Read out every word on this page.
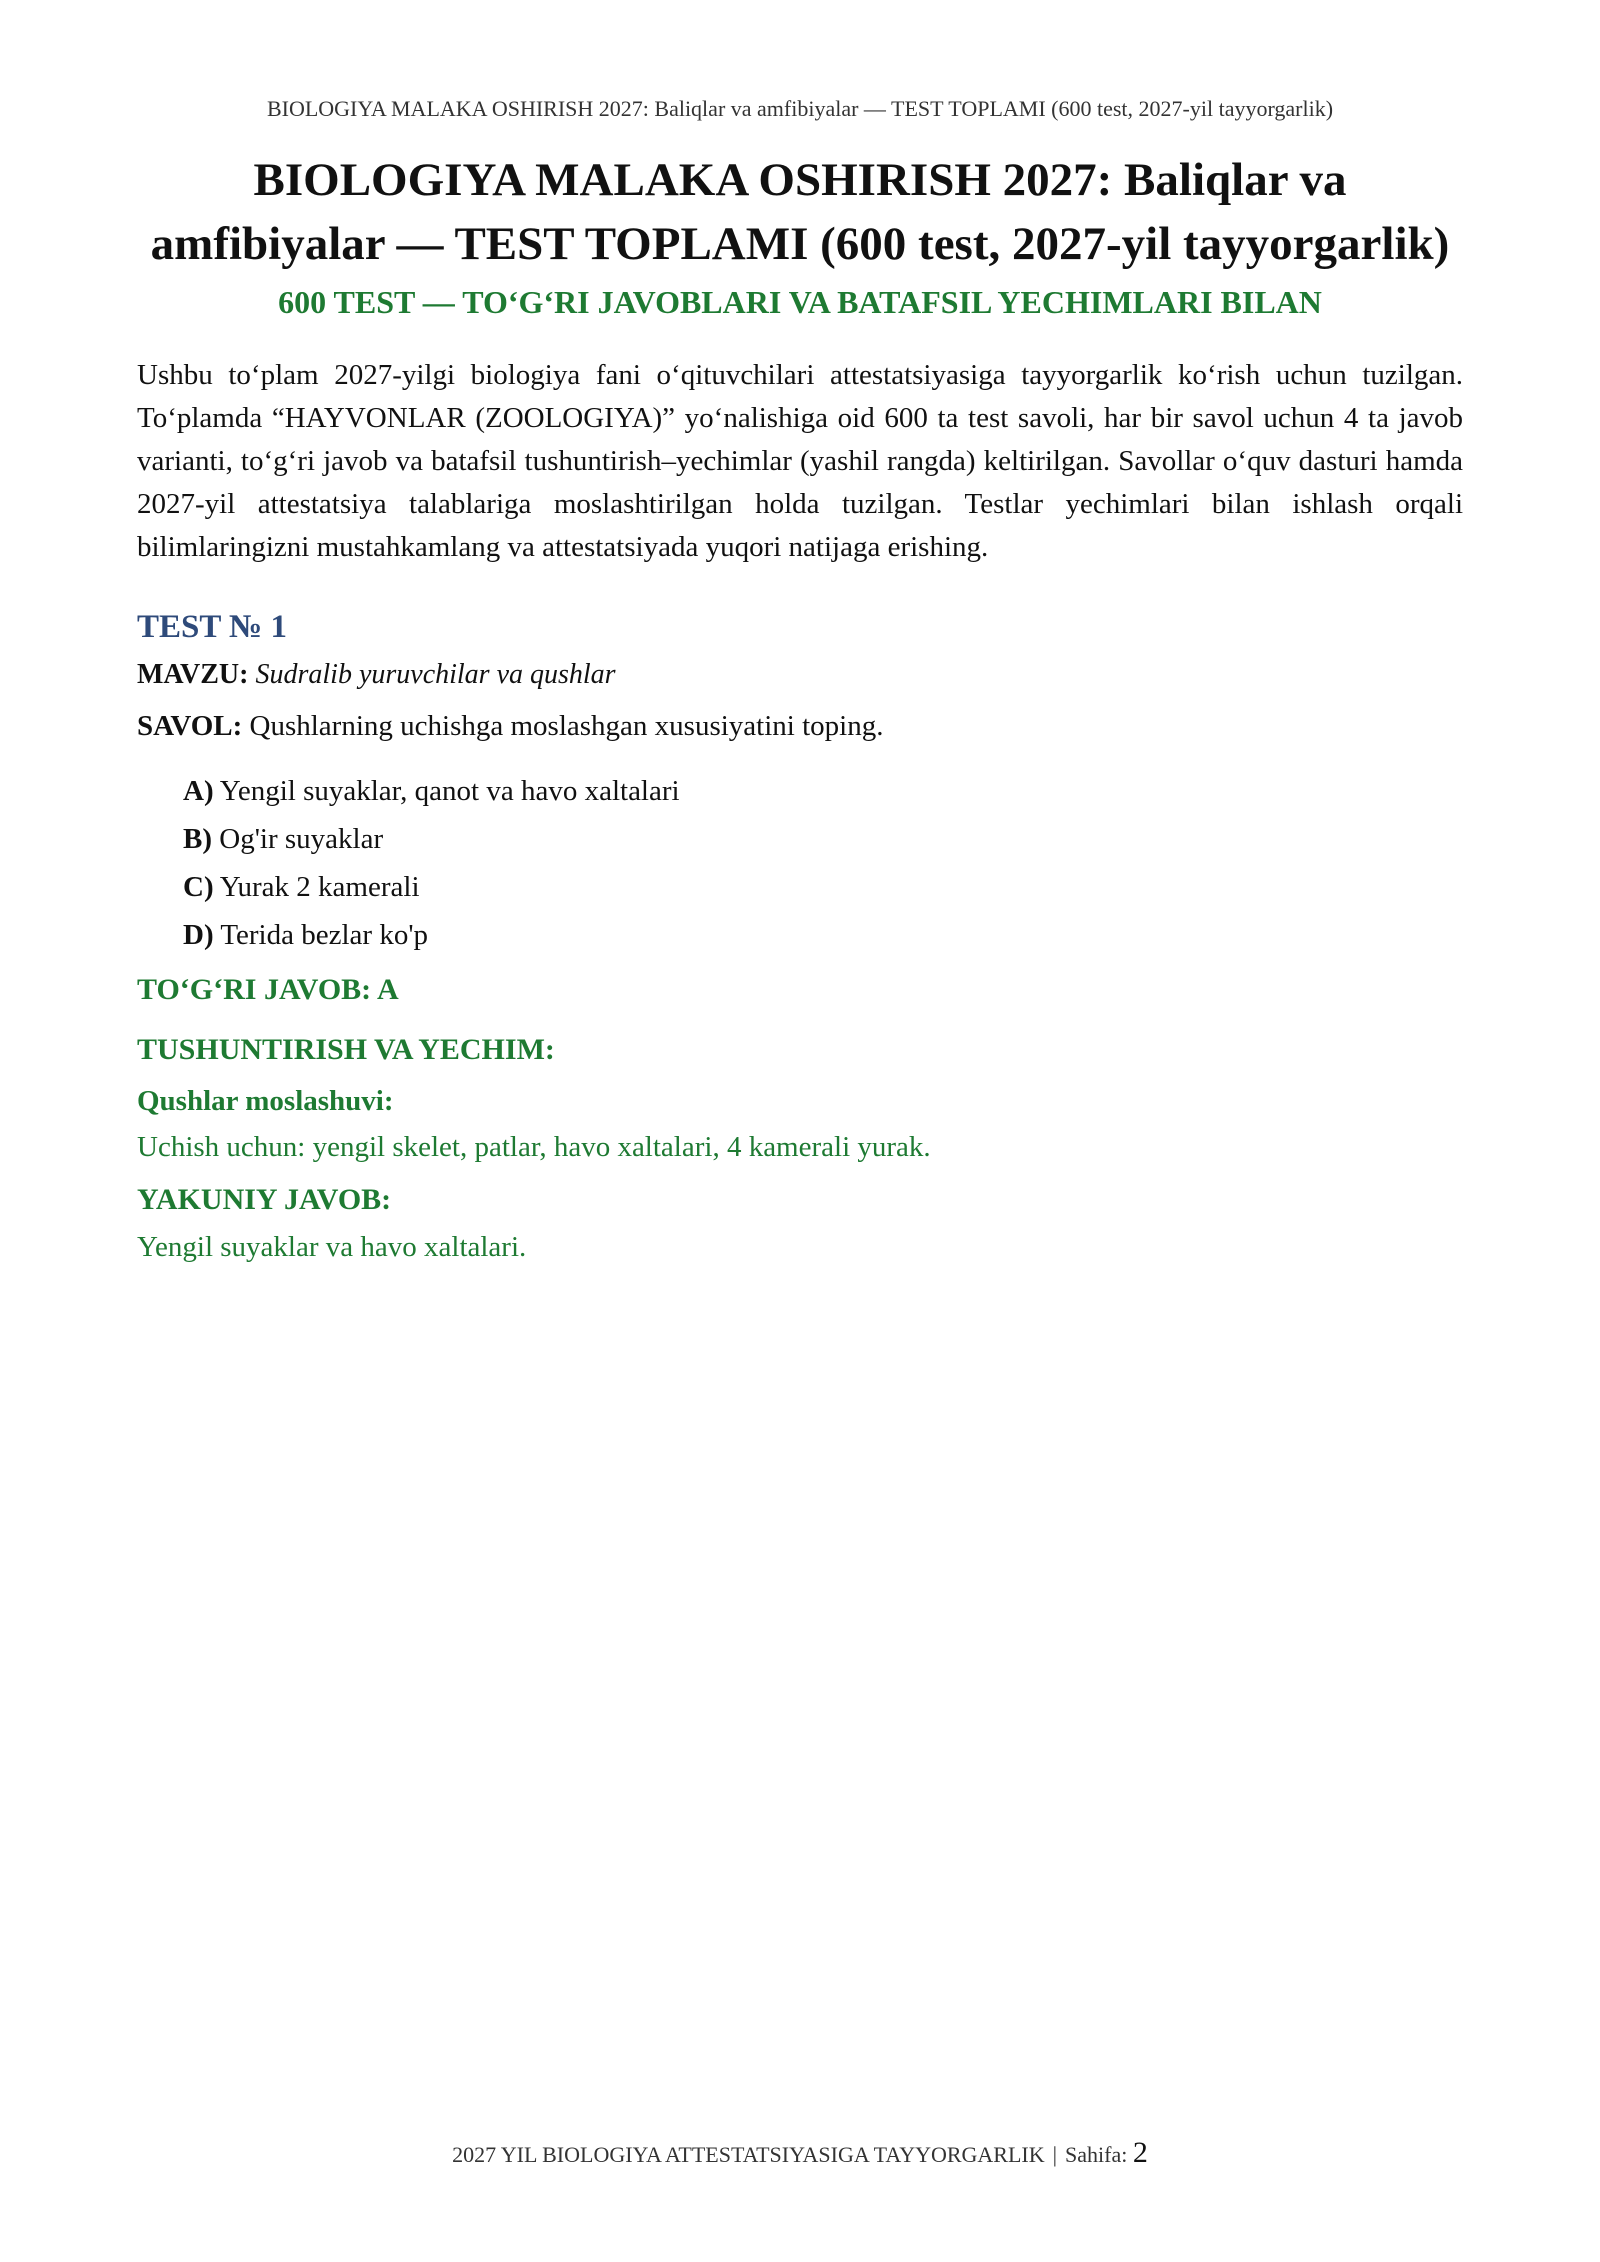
BIOLOGIYA MALAKA OSHIRISH 2027: Baliqlar va amfibiyalar — TEST TOPLAMI (600 test, 2027-yil tayyorgarlik)
BIOLOGIYA MALAKA OSHIRISH 2027: Baliqlar va amfibiyalar — TEST TOPLAMI (600 test, 2027-yil tayyorgarlik)
600 TEST — TO‘G‘RI JAVOBLARI VA BATAFSIL YECHIMLARI BILAN

Ushbu to‘plam 2027-yilgi biologiya fani o‘qituvchilari attestatsiyasiga tayyorgarlik ko‘rish uchun tuzilgan. To‘plamda “HAYVONLAR (ZOOLOGIYA)” yo‘nalishiga oid 600 ta test savoli, har bir savol uchun 4 ta javob varianti, to‘g‘ri javob va batafsil tushuntirish–yechimlar (yashil rangda) keltirilgan. Savollar o‘quv dasturi hamda 2027-yil attestatsiya talablariga moslashtirilgan holda tuzilgan. Testlar yechimlari bilan ishlash orqali bilimlaringizni mustahkamlang va attestatsiyada yuqori natijaga erishing.

TEST № 1
MAVZU: Sudralib yuruvchilar va qushlar
SAVOL: Qushlarning uchishga moslashgan xususiyatini toping.
A) Yengil suyaklar, qanot va havo xaltalari
B) Og'ir suyaklar
C) Yurak 2 kamerali
D) Terida bezlar ko'p
TO‘G‘RI JAVOB: A
TUSHUNTIRISH VA YECHIM:
Qushlar moslashuvi:
Uchish uchun: yengil skelet, patlar, havo xaltalari, 4 kamerali yurak.
YAKUNIY JAVOB:
Yengil suyaklar va havo xaltalari.
2027 YIL BIOLOGIYA ATTESTATSIYASIGA TAYYORGARLIK | Sahifa: 2
